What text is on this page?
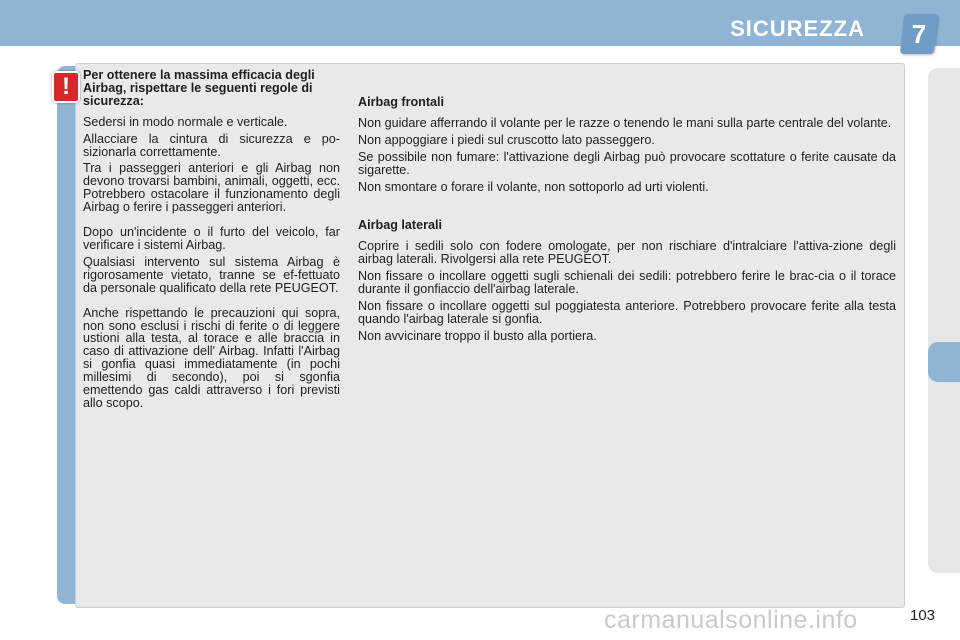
SICUREZZA	7
!	Per ottenere la massima efficacia degli Airbag, rispettare le seguenti regole di sicurezza:

Sedersi in modo normale e verticale.

Allacciare la cintura di sicurezza e po-sizionarla correttamente.

Tra i passeggeri anteriori e gli Airbag non devono trovarsi bambini, animali, oggetti, ecc. Potrebbero ostacolare il funzionamento degli Airbag o ferire i passeggeri anteriori.

Dopo un'incidente o il furto del veicolo, far verificare i sistemi Airbag.

Qualsiasi intervento sul sistema Airbag è rigorosamente vietato, tranne se ef-fettuato da personale qualificato della rete PEUGEOT.

Anche rispettando le precauzioni qui sopra, non sono esclusi i rischi di ferite o di leggere ustioni alla testa, al torace e alle braccia in caso di attivazione dell' Airbag. Infatti l'Airbag si gonfia quasi immediatamente (in pochi millesimi di secondo), poi si sgonfia emettendo gas caldi attraverso i fori previsti allo scopo.

Airbag frontali

Non guidare afferrando il volante per le razze o tenendo le mani sulla parte centrale del volante.

Non appoggiare i piedi sul cruscotto lato passeggero.

Se possibile non fumare: l'attivazione degli Airbag può provocare scottature o ferite causate da sigarette.

Non smontare o forare il volante, non sottoporlo ad urti violenti.

Airbag laterali

Coprire i sedili solo con fodere omologate, per non rischiare d'intralciare l'attiva-zione degli airbag laterali. Rivolgersi alla rete PEUGEOT.

Non fissare o incollare oggetti sugli schienali dei sedili: potrebbero ferire le brac-cia o il torace durante il gonfiaccio dell'airbag laterale.

Non fissare o incollare oggetti sul poggiatesta anteriore. Potrebbero provocare ferite alla testa quando l'airbag laterale si gonfia.

Non avvicinare troppo il busto alla portiera.

carmanualsonline.info	103
